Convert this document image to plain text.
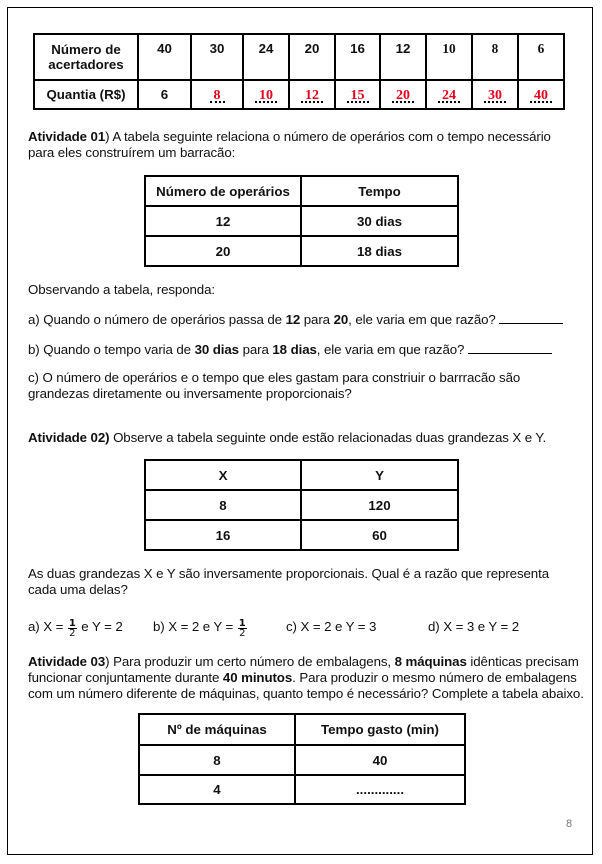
Número de acertadores	40	30	24	20	16	12	10	8	6
Quantia (R$)	6	8	10	12	15	20	24	30	40
Atividade 01) A tabela seguinte relaciona o número de operários com o tempo necessário para eles construírem um barracão:
Número de operários	Tempo
12	30 dias
20	18 dias
Observando a tabela, responda:
a) Quando o número de operários passa de 12 para 20, ele varia em que razão?
b) Quando o tempo varia de 30 dias para 18 dias, ele varia em que razão?
c) O número de operários e o tempo que eles gastam para constriuir o barrracão são grandezas diretamente ou inversamente proporcionais?
Atividade 02) Observe a tabela seguinte onde estão relacionadas duas grandezas X e Y.
X	Y
8	120
16	60
As duas grandezas X e Y são inversamente proporcionais. Qual é a razão que representa cada uma delas?
a) $X = \frac{1}{2}$ e Y = 2 b) X = 2 e $Y = \frac{1}{2}$	c) X = 2 e Y = 3	d) X = 3 e Y = 2
Atividade 03) Para produzir um certo número de embalagens, 8 máquinas idênticas precisam funcionar conjuntamente durante 40 minutos. Para produzir o mesmo número de embalagens com um número diferente de máquinas, quanto tempo é necessário? Complete a tabela abaixo.
Nº de máquinas	Tempo gasto (min)
8	40
4	.............
8
